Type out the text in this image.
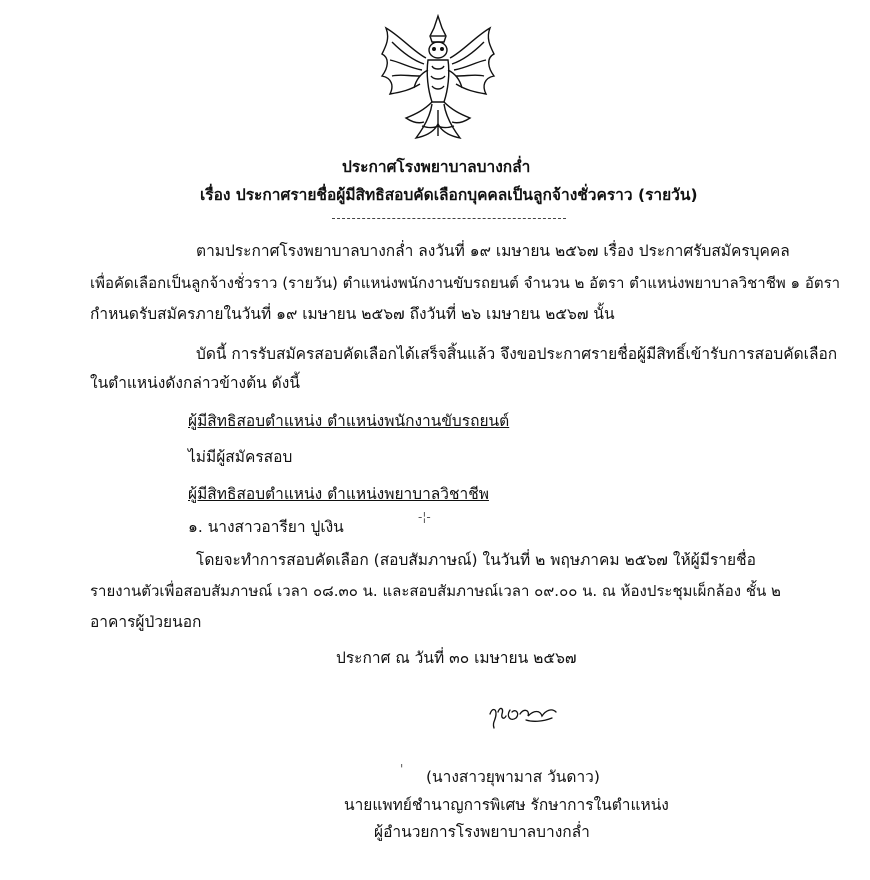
ประกาศโรงพยาบาลบางกล่ำ
เรื่อง ประกาศรายชื่อผู้มีสิทธิสอบคัดเลือกบุคคลเป็นลูกจ้างชั่วคราว (รายวัน)
ตามประกาศโรงพยาบาลบางกล่ำ ลงวันที่ ๑๙ เมษายน ๒๕๖๗ เรื่อง ประกาศรับสมัครบุคคล
เพื่อคัดเลือกเป็นลูกจ้างชั่วราว (รายวัน) ตำแหน่งพนักงานขับรถยนต์ จำนวน ๒ อัตรา ตำแหน่งพยาบาลวิชาชีพ ๑ อัตรา
กำหนดรับสมัครภายในวันที่ ๑๙ เมษายน ๒๕๖๗ ถึงวันที่ ๒๖ เมษายน ๒๕๖๗ นั้น
บัดนี้ การรับสมัครสอบคัดเลือกได้เสร็จสิ้นแล้ว จึงขอประกาศรายชื่อผู้มีสิทธิ์เข้ารับการสอบคัดเลือก
ในตำแหน่งดังกล่าวข้างต้น ดังนี้
ผู้มีสิทธิสอบตำแหน่ง ตำแหน่งพนักงานขับรถยนต์
ไม่มีผู้สมัครสอบ
ผู้มีสิทธิสอบตำแหน่ง ตำแหน่งพยาบาลวิชาชีพ
๑. นางสาวอารียา ปูเงิน
-¦-
โดยจะทำการสอบคัดเลือก (สอบสัมภาษณ์) ในวันที่ ๒ พฤษภาคม ๒๕๖๗ ให้ผู้มีรายชื่อ
รายงานตัวเพื่อสอบสัมภาษณ์ เวลา ๐๘.๓๐ น. และสอบสัมภาษณ์เวลา ๐๙.๐๐ น. ณ ห้องประชุมเผ็กล้อง ชั้น ๒
อาคารผู้ป่วยนอก
ประกาศ ณ วันที่ ๓๐ เมษายน ๒๕๖๗
' (นางสาวยุพามาส วันดาว)
นายแพทย์ชำนาญการพิเศษ รักษาการในตำแหน่ง
ผู้อำนวยการโรงพยาบาลบางกล่ำ
